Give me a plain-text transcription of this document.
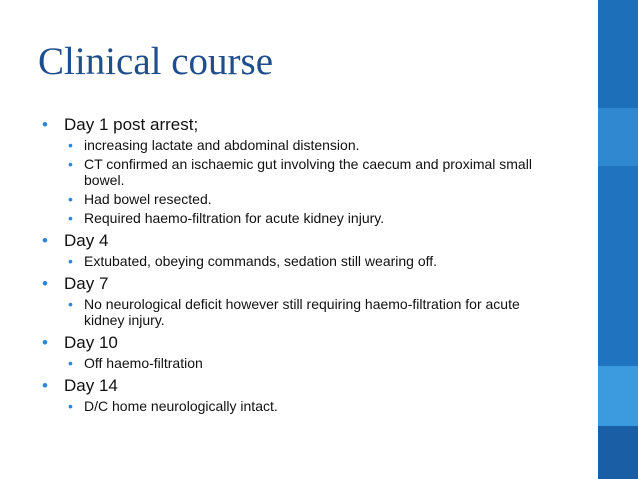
Clinical course
• Day 1 post arrest;
• increasing lactate and abdominal distension.
• CT confirmed an ischaemic gut involving the caecum and proximal small bowel.
• Had bowel resected.
• Required haemo-filtration for acute kidney injury.
• Day 4
• Extubated, obeying commands, sedation still wearing off.
• Day 7
• No neurological deficit however still requiring haemo-filtration for acute kidney injury.
• Day 10
• Off haemo-filtration
• Day 14
• D/C home neurologically intact.
